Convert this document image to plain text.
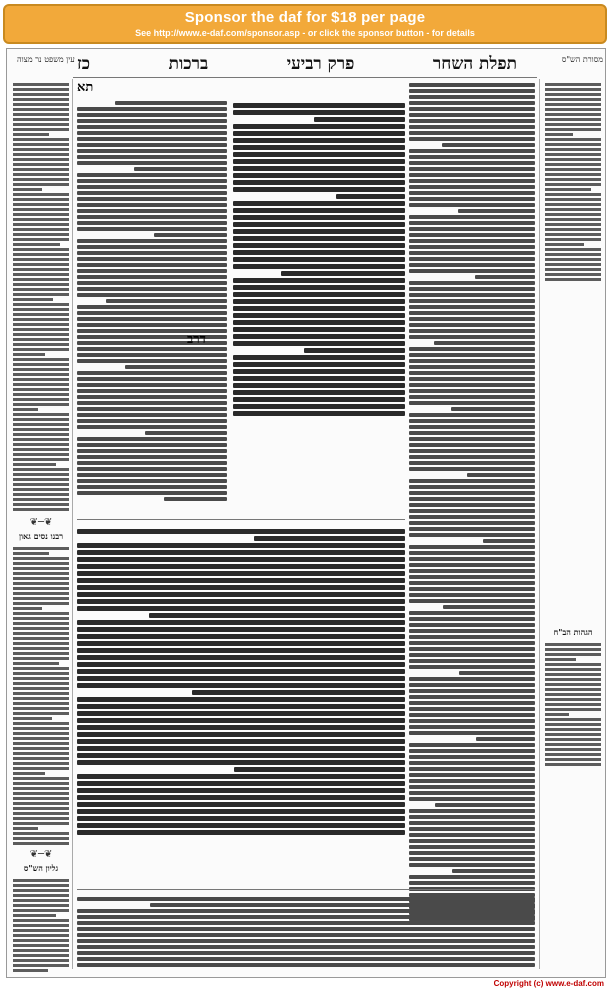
Sponsor the daf for $18 per page
See http://www.e-daf.com/sponsor.asp - or click the sponsor button - for details
עין משפט נר מצוה	מסורת הש"ס
תפלת השחר
פרק רביעי
ברכות
כז
❦─❦
רבנו נסים גאון
❦─❦
גליון הש"ס
הגהות הב"ח
תא
דרב
Copyright (c) www.e-daf.com
